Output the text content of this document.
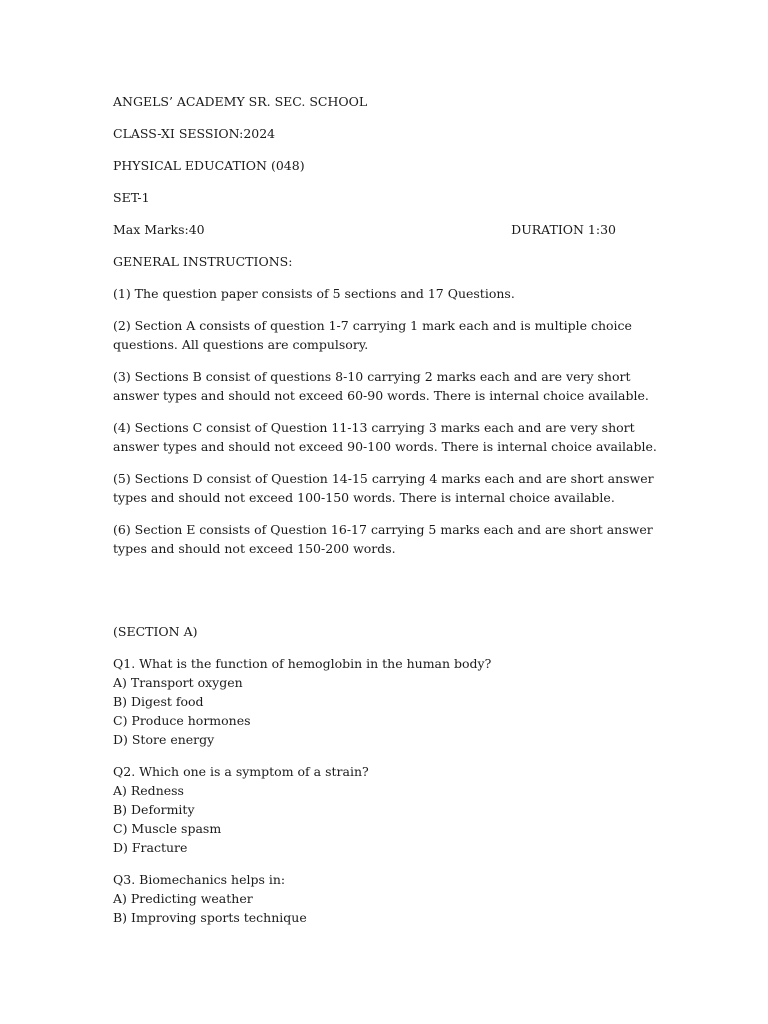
ANGELS’ ACADEMY SR. SEC. SCHOOL
CLASS-XI SESSION:2024
PHYSICAL EDUCATION (048)
SET-1
Max Marks:40	DURATION 1:30
GENERAL INSTRUCTIONS:
(1) The question paper consists of 5 sections and 17 Questions.
(2) Section A consists of question 1-7 carrying 1 mark each and is multiple choice questions. All questions are compulsory.
(3) Sections B consist of questions 8-10 carrying 2 marks each and are very short answer types and should not exceed 60-90 words. There is internal choice available.
(4) Sections C consist of Question 11-13 carrying 3 marks each and are very short answer types and should not exceed 90-100 words. There is internal choice available.
(5) Sections D consist of Question 14-15 carrying 4 marks each and are short answer types and should not exceed 100-150 words. There is internal choice available.
(6) Section E consists of Question 16-17 carrying 5 marks each and are short answer types and should not exceed 150-200 words.
(SECTION A)
Q1. What is the function of hemoglobin in the human body?
A) Transport oxygen
B) Digest food
C) Produce hormones
D) Store energy
Q2. Which one is a symptom of a strain?
A) Redness
B) Deformity
C) Muscle spasm
D) Fracture
Q3. Biomechanics helps in:
A) Predicting weather
B) Improving sports technique
